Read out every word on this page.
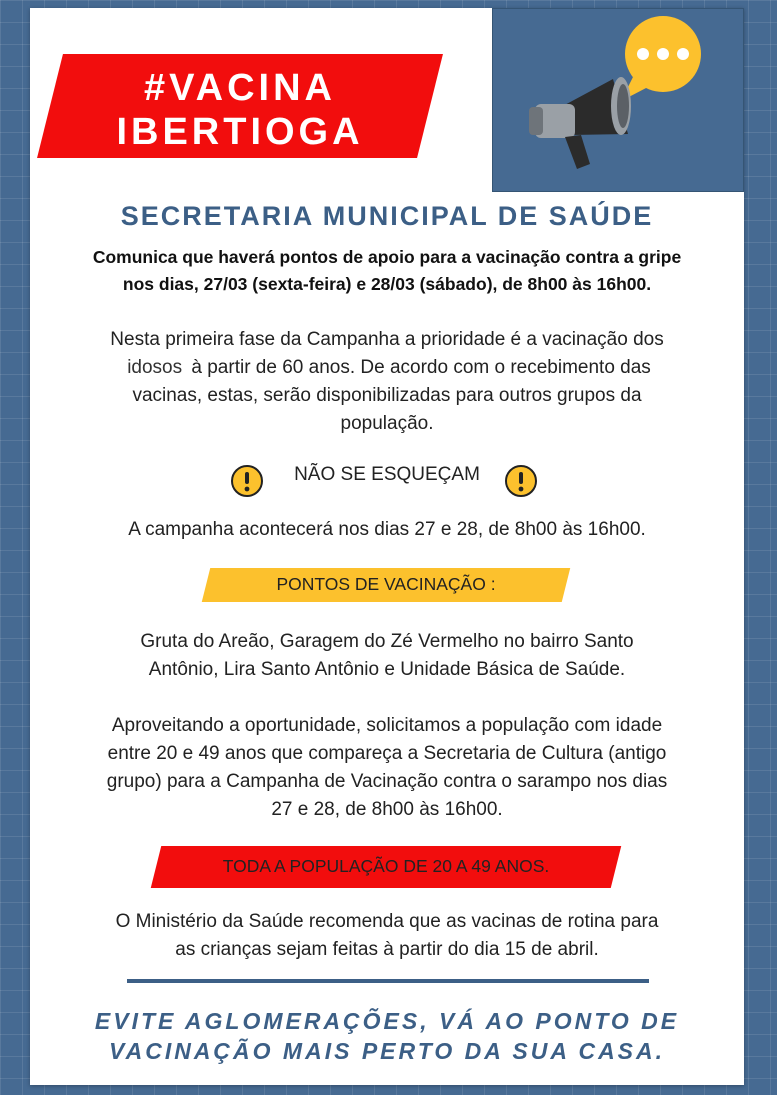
#VACINA
IBERTIOGA
SECRETARIA MUNICIPAL DE SAÚDE
Comunica que haverá pontos de apoio para a vacinação contra a gripe
nos dias, 27/03 (sexta-feira) e 28/03 (sábado), de 8h00 às 16h00.
Nesta primeira fase da Campanha a prioridade é a vacinação dos
idosos à partir de 60 anos. De acordo com o recebimento das
vacinas, estas, serão disponibilizadas para outros grupos da
população.
NÃO SE ESQUEÇAM
A campanha acontecerá nos dias 27 e 28, de 8h00 às 16h00.
PONTOS DE VACINAÇÃO :
Gruta do Areão, Garagem do Zé Vermelho no bairro Santo
Antônio, Lira Santo Antônio e Unidade Básica de Saúde.
Aproveitando a oportunidade, solicitamos a população com idade
entre 20 e 49 anos que compareça a Secretaria de Cultura (antigo
grupo) para a Campanha de Vacinação contra o sarampo nos dias
27 e 28, de 8h00 às 16h00.
TODA A POPULAÇÃO DE 20 A 49 ANOS.
O Ministério da Saúde recomenda que as vacinas de rotina para
as crianças sejam feitas à partir do dia 15 de abril.
EVITE AGLOMERAÇÕES, VÁ AO PONTO DE
VACINAÇÃO MAIS PERTO DA SUA CASA.
